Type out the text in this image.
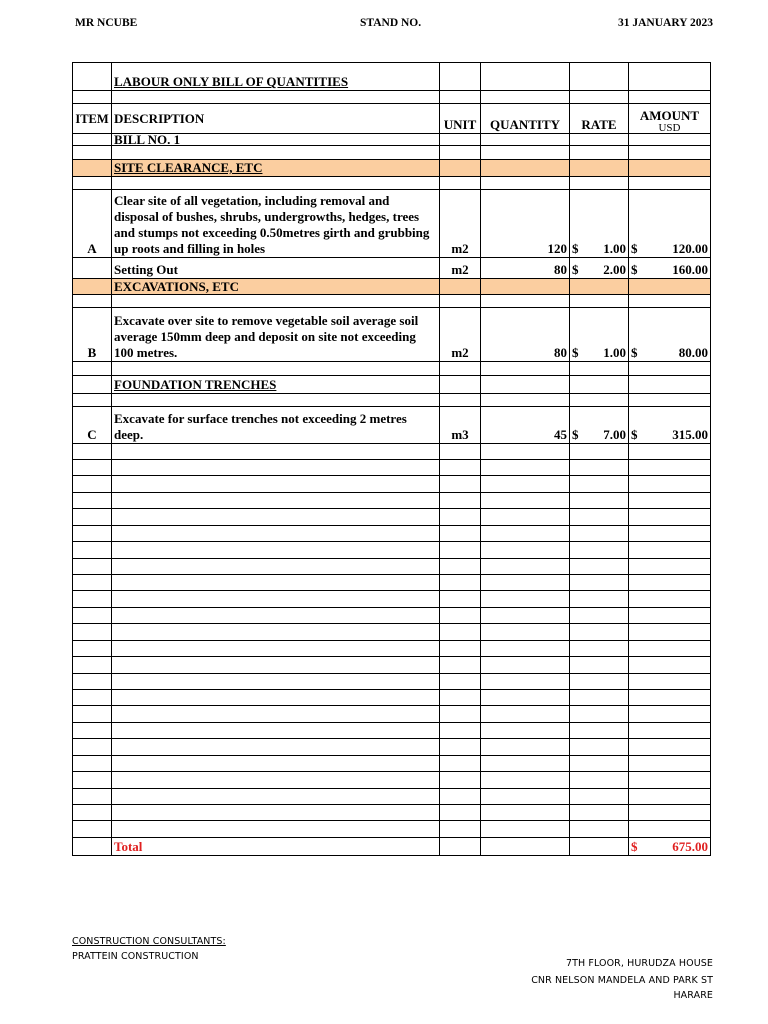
MR NCUBE	STAND NO.	31 JANUARY 2023
	LABOUR ONLY BILL OF QUANTITIES				

ITEM	DESCRIPTION	UNIT	QUANTITY	RATE	AMOUNT
USD

	BILL NO. 1				

	SITE CLEARANCE, ETC				

A	Clear site of all vegetation, including removal and disposal of bushes, shrubs, undergrowths, hedges, trees and stumps not exceeding 0.50metres girth and grubbing up roots and filling in holes	m2	120	$ 1.00	$ 120.00

	Setting Out	m2	80	$ 2.00	$ 160.00

	EXCAVATIONS, ETC				

B	Excavate over site to remove vegetable soil average soil average 150mm deep and deposit on site not exceeding 100 metres.	m2	80	$ 1.00	$ 80.00

	FOUNDATION TRENCHES				

C	Excavate for surface trenches not exceeding 2 metres deep.	m3	45	$ 7.00	$ 315.00

	Total				$ 675.00
CONSTRUCTION CONSULTANTS:
PRATTEIN CONSTRUCTION
7TH FLOOR, HURUDZA HOUSE
CNR NELSON MANDELA AND PARK ST
HARARE
